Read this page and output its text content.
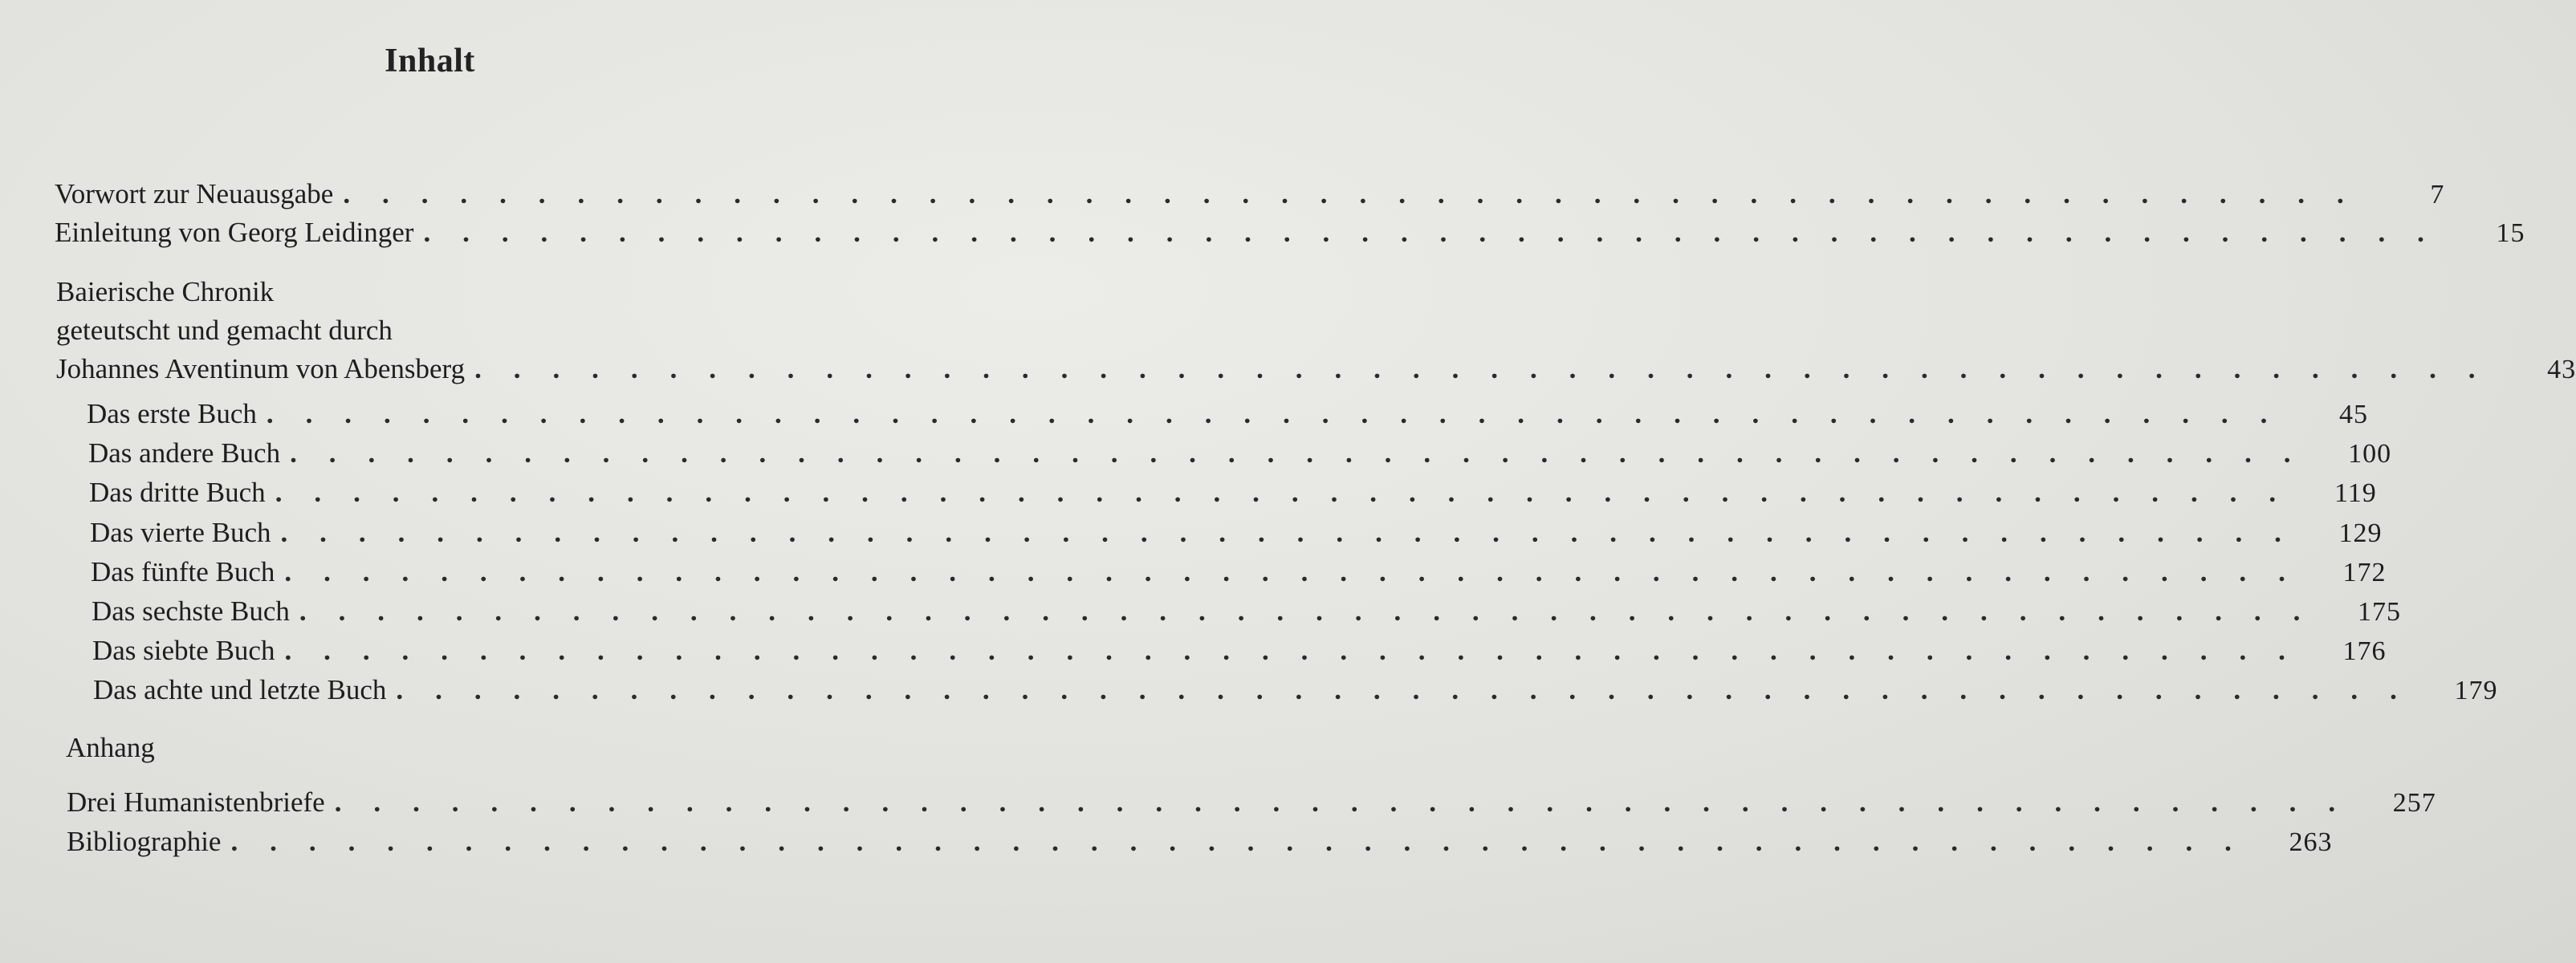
Inhalt
Vorwort zur Neuausgabe . . . . . . . . . . . . . . . . . . . . . . . . . . . . . . . . . . . . . . . . . . . . . . . . . . . .	7
Einleitung von Georg Leidinger . . . . . . . . . . . . . . . . . . . . . . . . . . . . . . . . . . . . . . . . . . . . . . . . . . . .	15
Baierische Chronik
geteutscht und gemacht durch
Johannes Aventinum von Abensberg . . . . . . . . . . . . . . . . . . . . . . . . . . . . . . . . . . . . . . . . . . . . . . . . . . . .	43
Das erste Buch . . . . . . . . . . . . . . . . . . . . . . . . . . . . . . . . . . . . . . . . . . . . . . . . . . . .	45
Das andere Buch . . . . . . . . . . . . . . . . . . . . . . . . . . . . . . . . . . . . . . . . . . . . . . . . . . . .	100
Das dritte Buch . . . . . . . . . . . . . . . . . . . . . . . . . . . . . . . . . . . . . . . . . . . . . . . . . . . .	119
Das vierte Buch . . . . . . . . . . . . . . . . . . . . . . . . . . . . . . . . . . . . . . . . . . . . . . . . . . . .	129
Das fünfte Buch . . . . . . . . . . . . . . . . . . . . . . . . . . . . . . . . . . . . . . . . . . . . . . . . . . . .	172
Das sechste Buch . . . . . . . . . . . . . . . . . . . . . . . . . . . . . . . . . . . . . . . . . . . . . . . . . . . .	175
Das siebte Buch . . . . . . . . . . . . . . . . . . . . . . . . . . . . . . . . . . . . . . . . . . . . . . . . . . . .	176
Das achte und letzte Buch . . . . . . . . . . . . . . . . . . . . . . . . . . . . . . . . . . . . . . . . . . . . . . . . . . . .	179
Anhang
Drei Humanistenbriefe . . . . . . . . . . . . . . . . . . . . . . . . . . . . . . . . . . . . . . . . . . . . . . . . . . . .	257
Bibliographie . . . . . . . . . . . . . . . . . . . . . . . . . . . . . . . . . . . . . . . . . . . . . . . . . . . .	263
